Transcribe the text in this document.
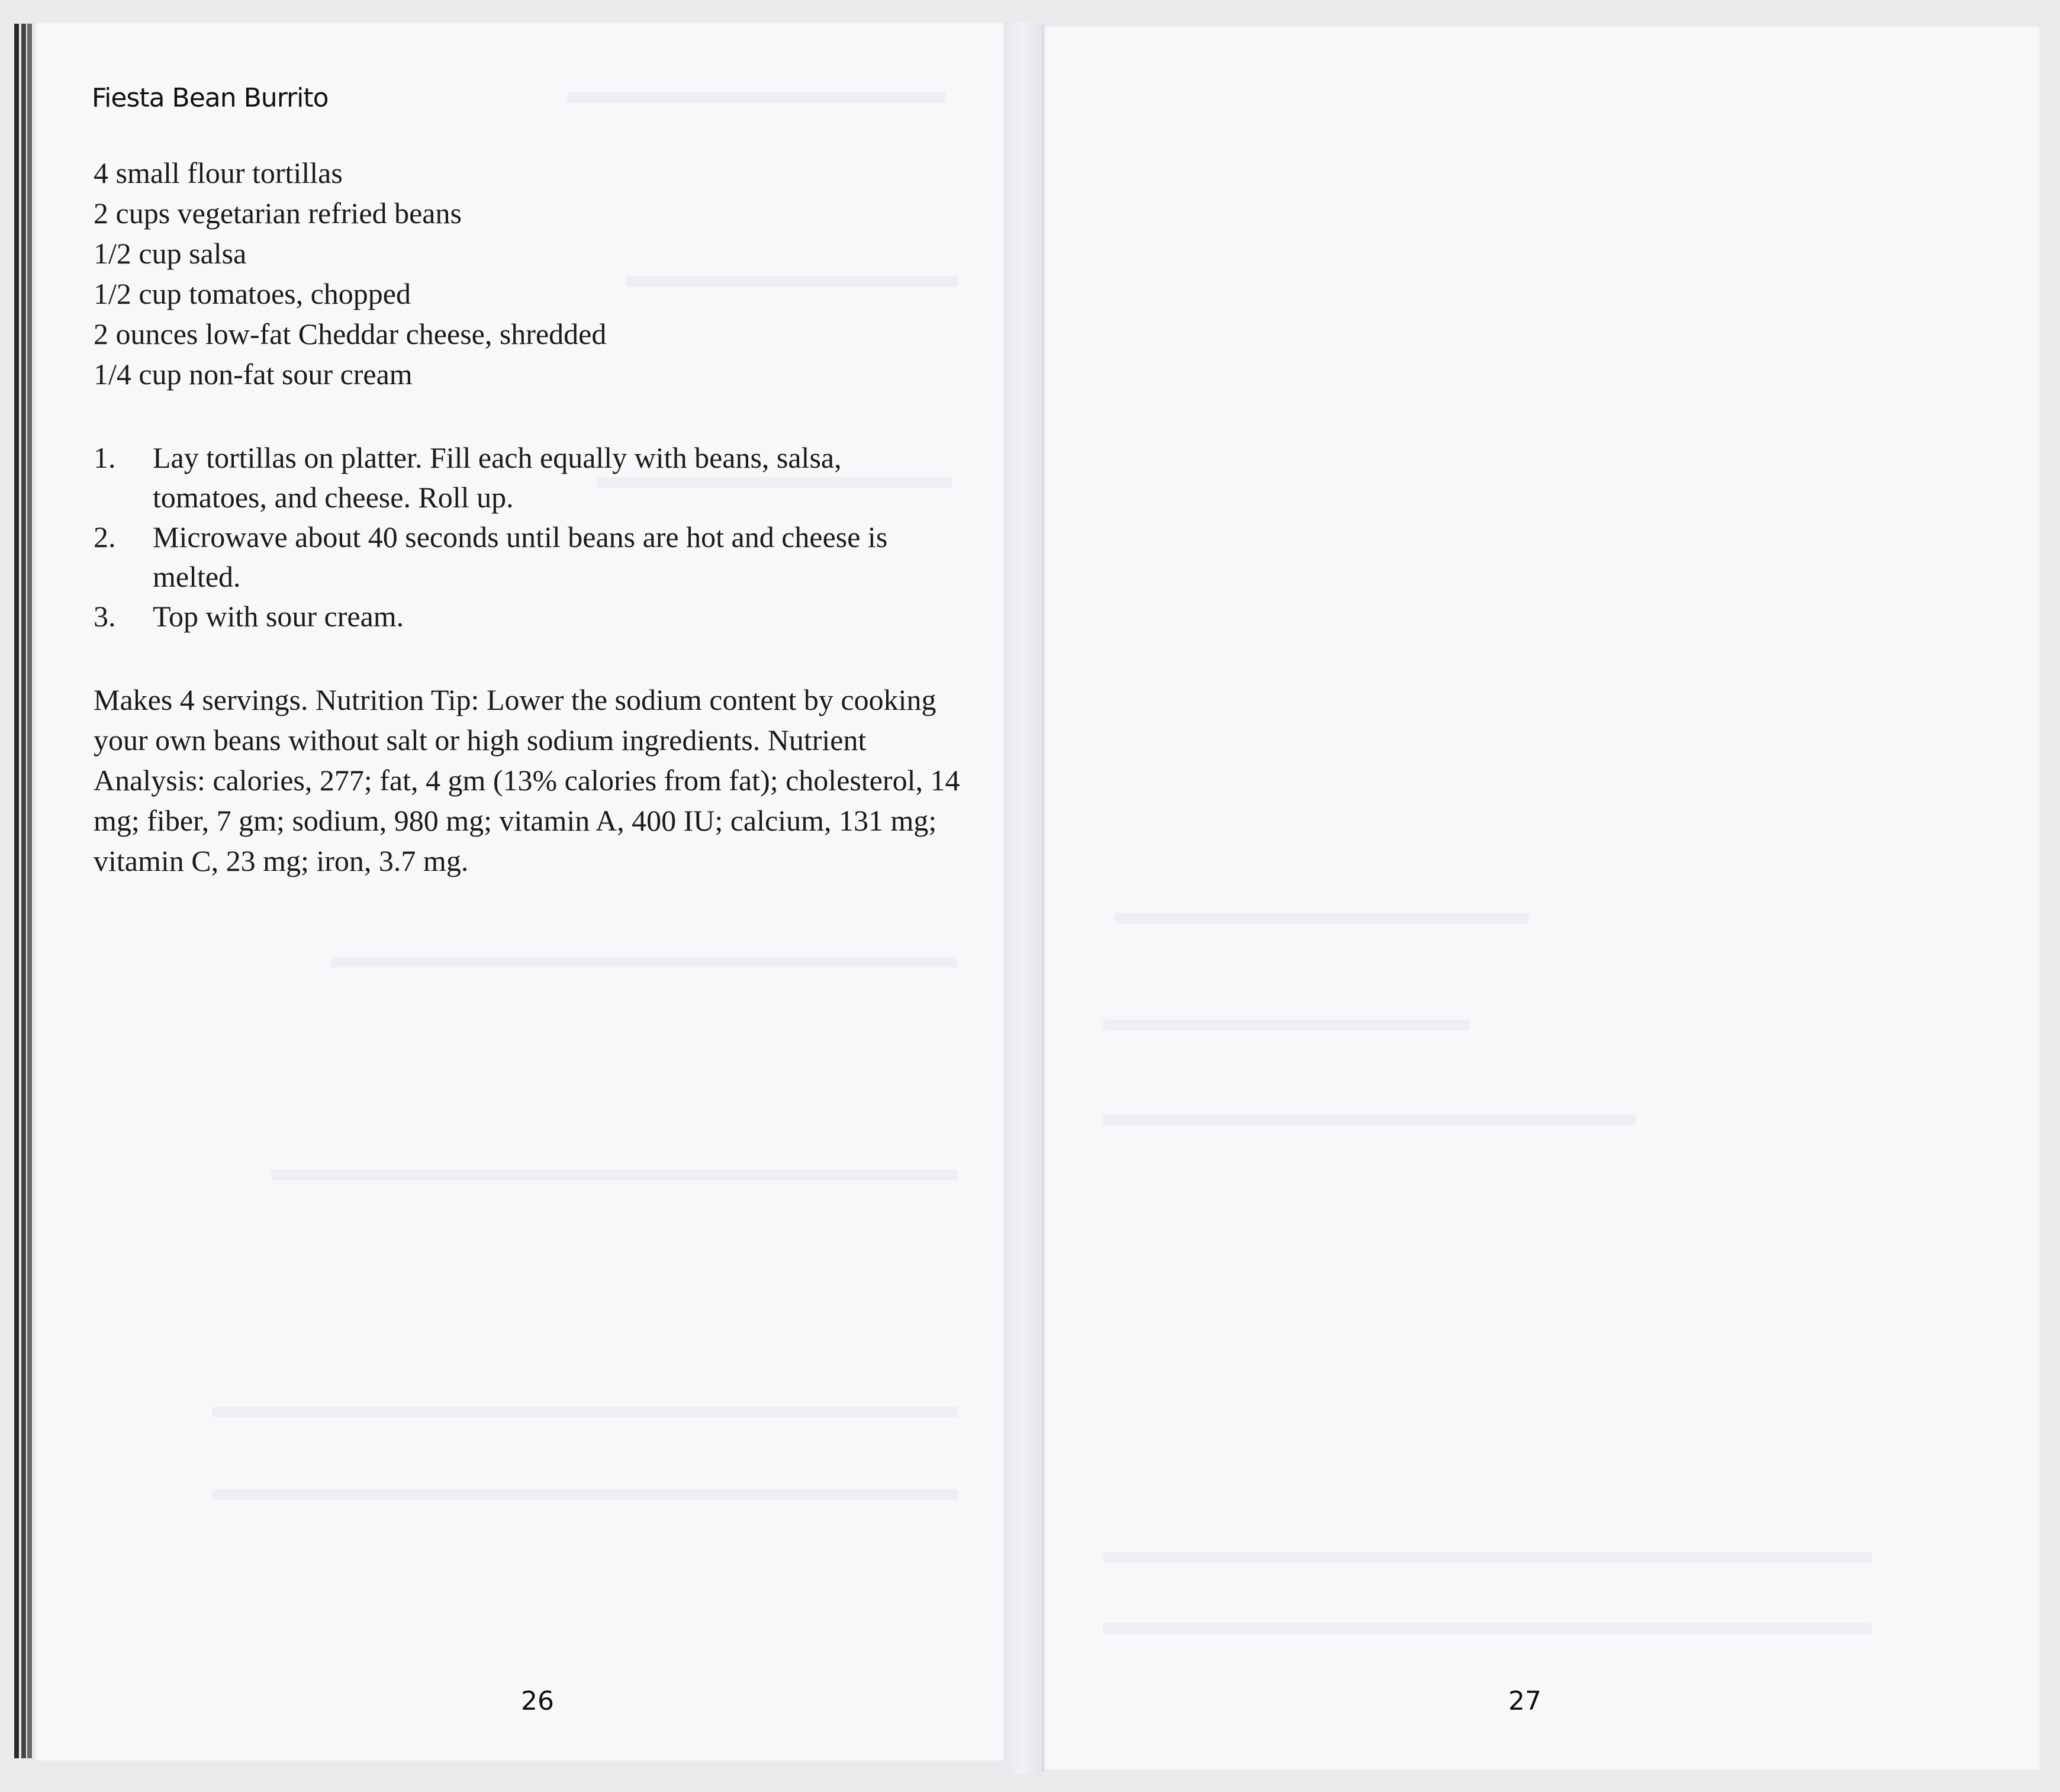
Fiesta Bean Burrito
4 small flour tortillas
2 cups vegetarian refried beans
1/2 cup salsa
1/2 cup tomatoes, chopped
2 ounces low-fat Cheddar cheese, shredded
1/4 cup non-fat sour cream
1. Lay tortillas on platter. Fill each equally with beans, salsa, tomatoes, and cheese. Roll up.
2. Microwave about 40 seconds until beans are hot and cheese is melted.
3. Top with sour cream.

Makes 4 servings. Nutrition Tip: Lower the sodium content by cooking your own beans without salt or high sodium ingredients. Nutrient Analysis: calories, 277; fat, 4 gm (13% calories from fat); cholesterol, 14 mg; fiber, 7 gm; sodium, 980 mg; vitamin A, 400 IU; calcium, 131 mg; vitamin C, 23 mg; iron, 3.7 mg.

26	27
